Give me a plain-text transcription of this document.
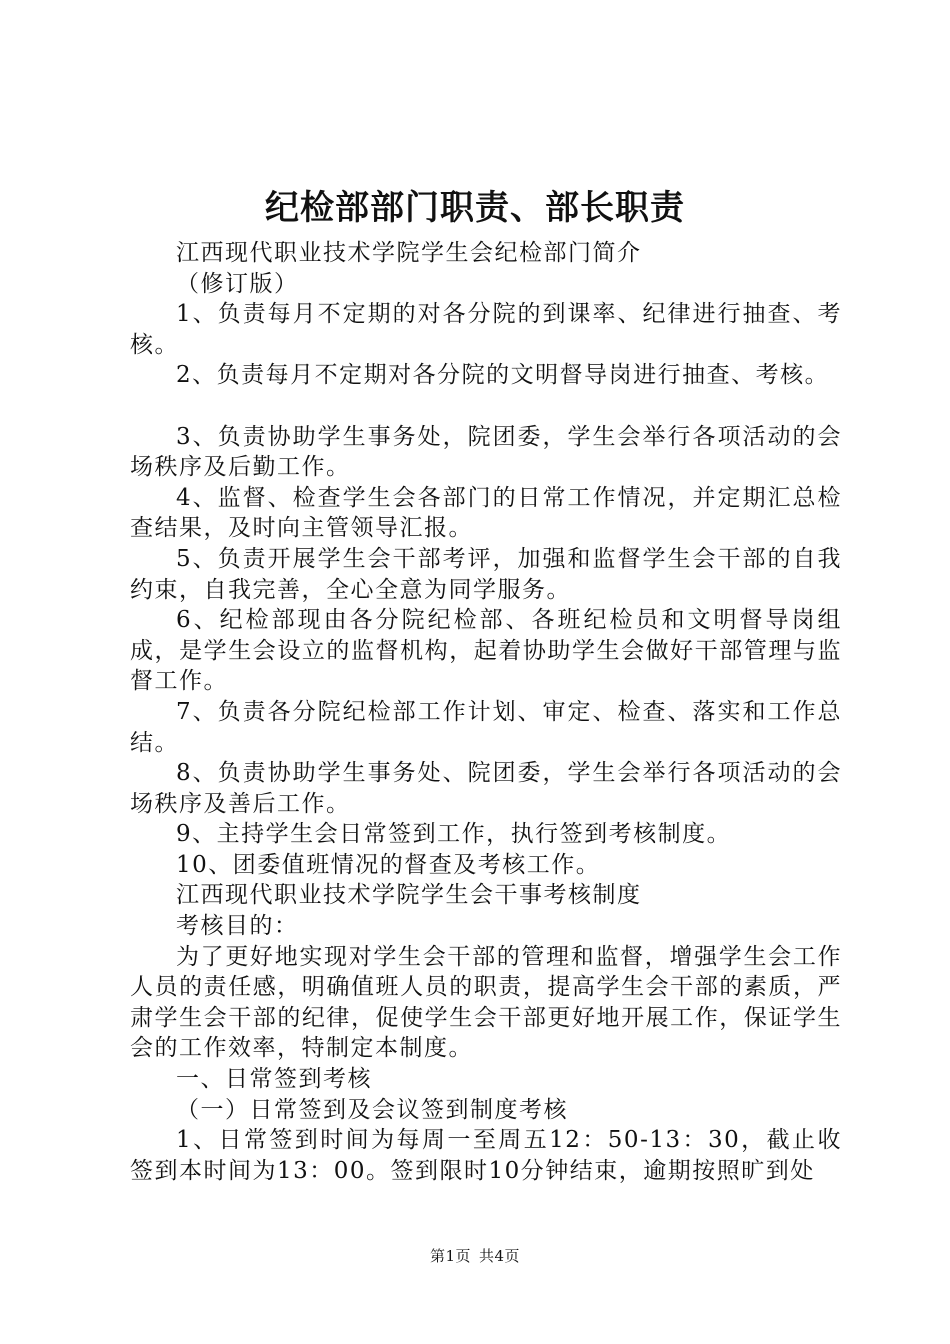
纪检部部门职责、部长职责

江西现代职业技术学院学生会纪检部门简介

（修订版）

1、负责每月不定期的对各分院的到课率、纪律进行抽查、考核。

2、负责每月不定期对各分院的文明督导岗进行抽查、考核。

3、负责协助学生事务处，院团委，学生会举行各项活动的会场秩序及后勤工作。

4、监督、检查学生会各部门的日常工作情况，并定期汇总检查结果，及时向主管领导汇报。

5、负责开展学生会干部考评，加强和监督学生会干部的自我约束，自我完善，全心全意为同学服务。

6、纪检部现由各分院纪检部、各班纪检员和文明督导岗组成，是学生会设立的监督机构，起着协助学生会做好干部管理与监督工作。

7、负责各分院纪检部工作计划、审定、检查、落实和工作总结。

8、负责协助学生事务处、院团委，学生会举行各项活动的会场秩序及善后工作。

9、主持学生会日常签到工作，执行签到考核制度。

10、团委值班情况的督查及考核工作。

江西现代职业技术学院学生会干事考核制度

考核目的：

为了更好地实现对学生会干部的管理和监督，增强学生会工作人员的责任感，明确值班人员的职责，提高学生会干部的素质，严肃学生会干部的纪律，促使学生会干部更好地开展工作，保证学生会的工作效率，特制定本制度。

一、日常签到考核

（一）日常签到及会议签到制度考核

1、日常签到时间为每周一至周五12：50-13：30，截止收签到本时间为13：00。签到限时10分钟结束，逾期按照旷到处

第1页 共4页
